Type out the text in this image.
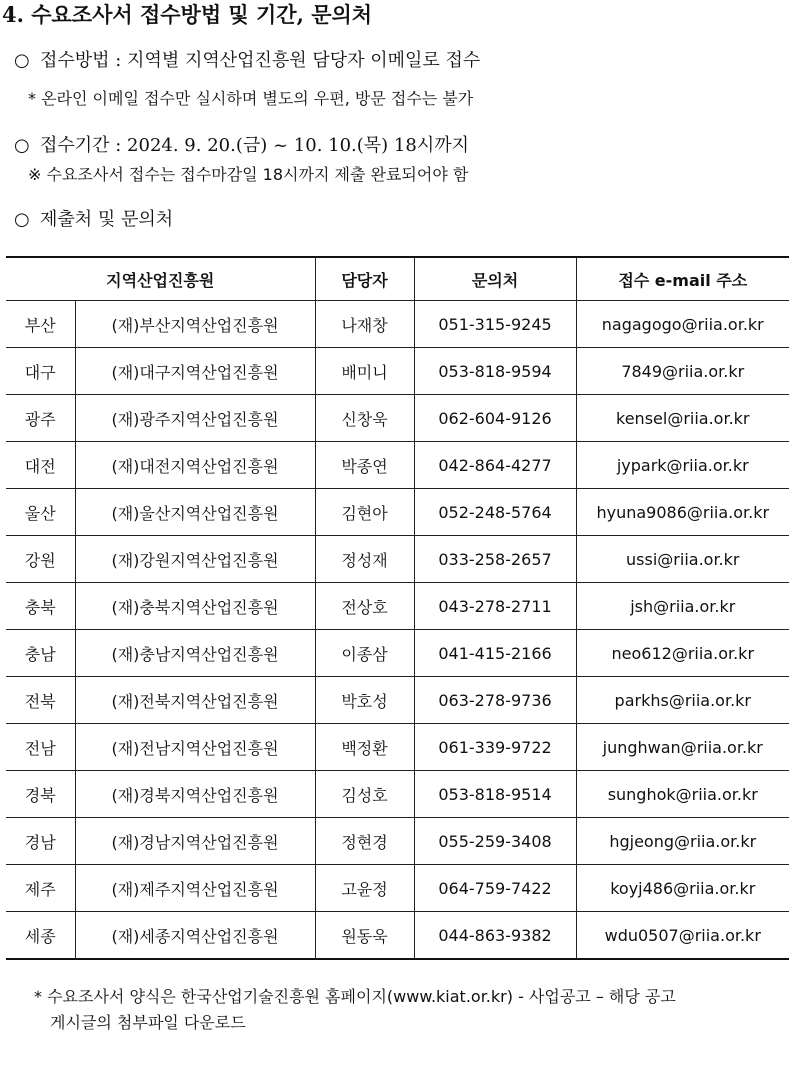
4. 수요조사서 접수방법 및 기간, 문의처
○ 접수방법 : 지역별 지역산업진흥원 담당자 이메일로 접수
* 온라인 이메일 접수만 실시하며 별도의 우편, 방문 접수는 불가
○ 접수기간 : 2024. 9. 20.(금) ~ 10. 10.(목) 18시까지
※ 수요조사서 접수는 접수마감일 18시까지 제출 완료되어야 함
○ 제출처 및 문의처
지역산업진흥원		담당자	문의처	접수 e-mail 주소
부산	(재)부산지역산업진흥원	나재창	051-315-9245	nagagogo@riia.or.kr
대구	(재)대구지역산업진흥원	배미니	053-818-9594	7849@riia.or.kr
광주	(재)광주지역산업진흥원	신창욱	062-604-9126	kensel@riia.or.kr
대전	(재)대전지역산업진흥원	박종연	042-864-4277	jypark@riia.or.kr
울산	(재)울산지역산업진흥원	김현아	052-248-5764	hyuna9086@riia.or.kr
강원	(재)강원지역산업진흥원	정성재	033-258-2657	ussi@riia.or.kr
충북	(재)충북지역산업진흥원	전상호	043-278-2711	jsh@riia.or.kr
충남	(재)충남지역산업진흥원	이종삼	041-415-2166	neo612@riia.or.kr
전북	(재)전북지역산업진흥원	박호성	063-278-9736	parkhs@riia.or.kr
전남	(재)전남지역산업진흥원	백정환	061-339-9722	junghwan@riia.or.kr
경북	(재)경북지역산업진흥원	김성호	053-818-9514	sunghok@riia.or.kr
경남	(재)경남지역산업진흥원	정현경	055-259-3408	hgjeong@riia.or.kr
제주	(재)제주지역산업진흥원	고윤정	064-759-7422	koyj486@riia.or.kr
세종	(재)세종지역산업진흥원	원동욱	044-863-9382	wdu0507@riia.or.kr
* 수요조사서 양식은 한국산업기술진흥원 홈페이지(www.kiat.or.kr) - 사업공고 – 해당 공고
게시글의 첨부파일 다운로드
